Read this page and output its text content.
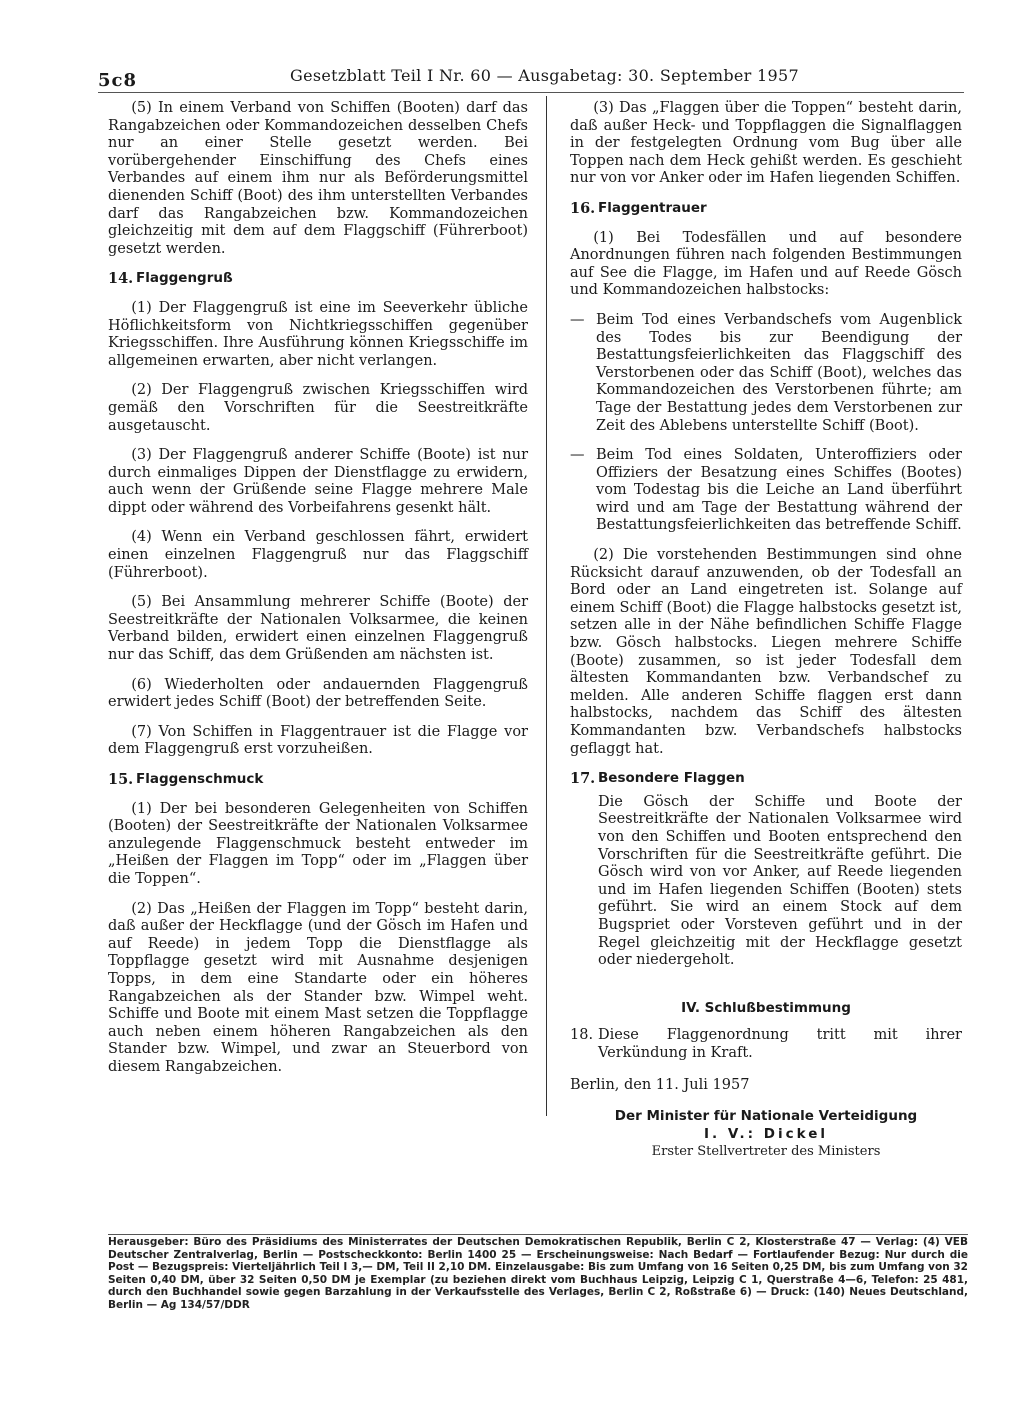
5c8	Gesetzblatt Teil I Nr. 60 — Ausgabetag: 30. September 1957

(5) In einem Verband von Schiffen (Booten) darf das Rangabzeichen oder Kommandozeichen desselben Chefs nur an einer Stelle gesetzt werden. Bei vorübergehender Einschiffung des Chefs eines Verbandes auf einem ihm nur als Beförderungsmittel dienenden Schiff (Boot) des ihm unterstellten Verbandes darf das Rangabzeichen bzw. Kommandozeichen gleichzeitig mit dem auf dem Flaggschiff (Führerboot) gesetzt werden.

14. Flaggengruß

(1) Der Flaggengruß ist eine im Seeverkehr übliche Höflichkeitsform von Nichtkriegsschiffen gegenüber Kriegsschiffen. Ihre Ausführung können Kriegsschiffe im allgemeinen erwarten, aber nicht verlangen.

(2) Der Flaggengruß zwischen Kriegsschiffen wird gemäß den Vorschriften für die Seestreitkräfte ausgetauscht.

(3) Der Flaggengruß anderer Schiffe (Boote) ist nur durch einmaliges Dippen der Dienstflagge zu erwidern, auch wenn der Grüßende seine Flagge mehrere Male dippt oder während des Vorbeifahrens gesenkt hält.

(4) Wenn ein Verband geschlossen fährt, erwidert einen einzelnen Flaggengruß nur das Flaggschiff (Führerboot).

(5) Bei Ansammlung mehrerer Schiffe (Boote) der Seestreitkräfte der Nationalen Volksarmee, die keinen Verband bilden, erwidert einen einzelnen Flaggengruß nur das Schiff, das dem Grüßenden am nächsten ist.

(6) Wiederholten oder andauernden Flaggengruß erwidert jedes Schiff (Boot) der betreffenden Seite.

(7) Von Schiffen in Flaggentrauer ist die Flagge vor dem Flaggengruß erst vorzuheißen.

15. Flaggenschmuck

(1) Der bei besonderen Gelegenheiten von Schiffen (Booten) der Seestreitkräfte der Nationalen Volksarmee anzulegende Flaggenschmuck besteht entweder im „Heißen der Flaggen im Topp“ oder im „Flaggen über die Toppen“.

(2) Das „Heißen der Flaggen im Topp“ besteht darin, daß außer der Heckflagge (und der Gösch im Hafen und auf Reede) in jedem Topp die Dienstflagge als Toppflagge gesetzt wird mit Ausnahme desjenigen Topps, in dem eine Standarte oder ein höheres Rangabzeichen als der Stander bzw. Wimpel weht. Schiffe und Boote mit einem Mast setzen die Toppflagge auch neben einem höheren Rangabzeichen als den Stander bzw. Wimpel, und zwar an Steuerbord von diesem Rangabzeichen.

(3) Das „Flaggen über die Toppen“ besteht darin, daß außer Heck- und Toppflaggen die Signalflaggen in der festgelegten Ordnung vom Bug über alle Toppen nach dem Heck gehißt werden. Es geschieht nur von vor Anker oder im Hafen liegenden Schiffen.

16. Flaggentrauer

(1) Bei Todesfällen und auf besondere Anordnungen führen nach folgenden Bestimmungen auf See die Flagge, im Hafen und auf Reede Gösch und Kommandozeichen halbstocks:

— Beim Tod eines Verbandschefs vom Augenblick des Todes bis zur Beendigung der Bestattungsfeierlichkeiten das Flaggschiff des Verstorbenen oder das Schiff (Boot), welches das Kommandozeichen des Verstorbenen führte; am Tage der Bestattung jedes dem Verstorbenen zur Zeit des Ablebens unterstellte Schiff (Boot).
— Beim Tod eines Soldaten, Unteroffiziers oder Offiziers der Besatzung eines Schiffes (Bootes) vom Todestag bis die Leiche an Land überführt wird und am Tage der Bestattung während der Bestattungsfeierlichkeiten das betreffende Schiff.

(2) Die vorstehenden Bestimmungen sind ohne Rücksicht darauf anzuwenden, ob der Todesfall an Bord oder an Land eingetreten ist. Solange auf einem Schiff (Boot) die Flagge halbstocks gesetzt ist, setzen alle in der Nähe befindlichen Schiffe Flagge bzw. Gösch halbstocks. Liegen mehrere Schiffe (Boote) zusammen, so ist jeder Todesfall dem ältesten Kommandanten bzw. Verbandschef zu melden. Alle anderen Schiffe flaggen erst dann halbstocks, nachdem das Schiff des ältesten Kommandanten bzw. Verbandschefs halbstocks geflaggt hat.

17. Besondere Flaggen
Die Gösch der Schiffe und Boote der Seestreitkräfte der Nationalen Volksarmee wird von den Schiffen und Booten entsprechend den Vorschriften für die Seestreitkräfte geführt. Die Gösch wird von vor Anker, auf Reede liegenden und im Hafen liegenden Schiffen (Booten) stets geführt. Sie wird an einem Stock auf dem Bugspriet oder Vorsteven geführt und in der Regel gleichzeitig mit der Heckflagge gesetzt oder niedergeholt.
IV. Schlußbestimmung
18. Diese Flaggenordnung tritt mit ihrer Verkündung in Kraft.

Berlin, den 11. Juli 1957

Der Minister für Nationale Verteidigung
I. V.: Dickel
Erster Stellvertreter des Ministers
Herausgeber: Büro des Präsidiums des Ministerrates der Deutschen Demokratischen Republik, Berlin C 2, Klosterstraße 47 — Verlag: (4) VEB Deutscher Zentralverlag, Berlin — Postscheckkonto: Berlin 1400 25 — Erscheinungsweise: Nach Bedarf — Fortlaufender Bezug: Nur durch die Post — Bezugspreis: Vierteljährlich Teil I 3,— DM, Teil II 2,10 DM. Einzelausgabe: Bis zum Umfang von 16 Seiten 0,25 DM, bis zum Umfang von 32 Seiten 0,40 DM, über 32 Seiten 0,50 DM je Exemplar (zu beziehen direkt vom Buchhaus Leipzig, Leipzig C 1, Querstraße 4—6, Telefon: 25 481, durch den Buchhandel sowie gegen Barzahlung in der Verkaufsstelle des Verlages, Berlin C 2, Roßstraße 6) — Druck: (140) Neues Deutschland, Berlin — Ag 134/57/DDR
